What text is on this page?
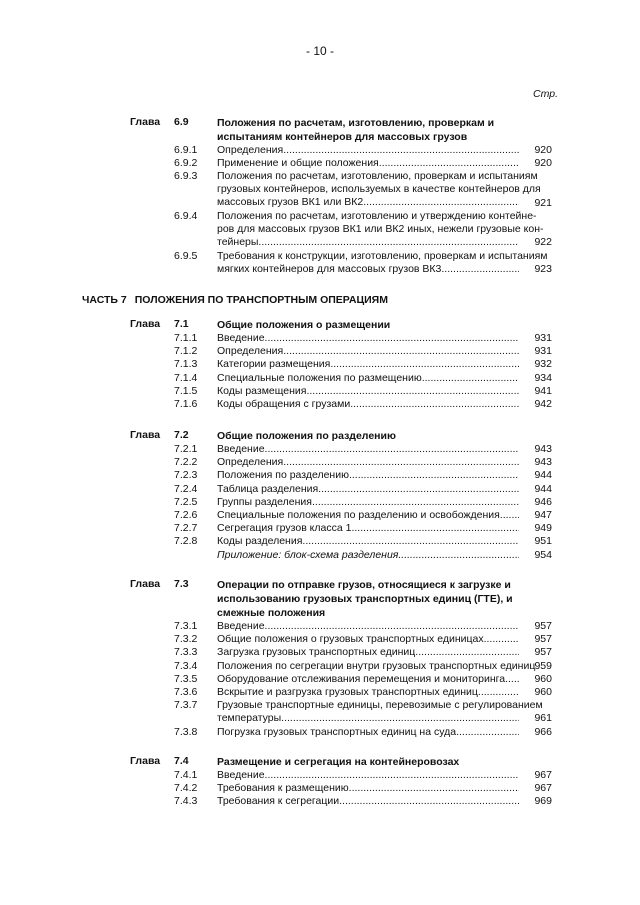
- 10 -
Стр.
Глава 6.9	Положения по расчетам, изготовлению, проверкам и
испытаниям контейнеров для массовых грузов
6.9.1 Определения .....	920
6.9.2 Применение и общие положения .....	920
6.9.3 Положения по расчетам, изготовлению, проверкам и испытаниям
грузовых контейнеров, используемых в качестве контейнеров для
массовых грузов ВК1 или ВК2 .....	921
6.9.4 Положения по расчетам, изготовлению и утверждению контейне-
ров для массовых грузов ВК1 или ВК2 иных, нежели грузовые кон-
тейнеры .....	922
6.9.5 Требования к конструкции, изготовлению, проверкам и испытаниям
мягких контейнеров для массовых грузов ВК3 .....	923
ЧАСТЬ 7 ПОЛОЖЕНИЯ ПО ТРАНСПОРТНЫМ ОПЕРАЦИЯМ
Глава 7.1	Общие положения о размещении
7.1.1 Введение .....	931
7.1.2 Определения .....	931
7.1.3 Категории размещения .....	932
7.1.4 Специальные положения по размещению .....	934
7.1.5 Коды размещения .....	941
7.1.6 Коды обращения с грузами .....	942
Глава 7.2	Общие положения по разделению
7.2.1 Введение .....	943
7.2.2 Определения .....	943
7.2.3 Положения по разделению .....	944
7.2.4 Таблица разделения .....	944
7.2.5 Группы разделения .....	946
7.2.6 Специальные положения по разделению и освобождения .....	947
7.2.7 Сегрегация грузов класса 1 .....	949
7.2.8 Коды разделения .....	951
Приложение: блок-схема разделения .....	954
Глава 7.3	Операции по отправке грузов, относящиеся к загрузке и
использованию грузовых транспортных единиц (ГТЕ), и
смежные положения
7.3.1 Введение .....	957
7.3.2 Общие положения о грузовых транспортных единицах .....	957
7.3.3 Загрузка грузовых транспортных единиц .....	957
7.3.4 Положения по сегрегации внутри грузовых транспортных единиц 959
7.3.5 Оборудование отслеживания перемещения и мониторинга .....	960
7.3.6 Вскрытие и разгрузка грузовых транспортных единиц .....	960
7.3.7 Грузовые транспортные единицы, перевозимые с регулированием
температуры .....	961
7.3.8 Погрузка грузовых транспортных единиц на суда .....	966
Глава 7.4	Размещение и сегрегация на контейнеровозах
7.4.1 Введение .....	967
7.4.2 Требования к размещению .....	967
7.4.3 Требования к сегрегации .....	969
